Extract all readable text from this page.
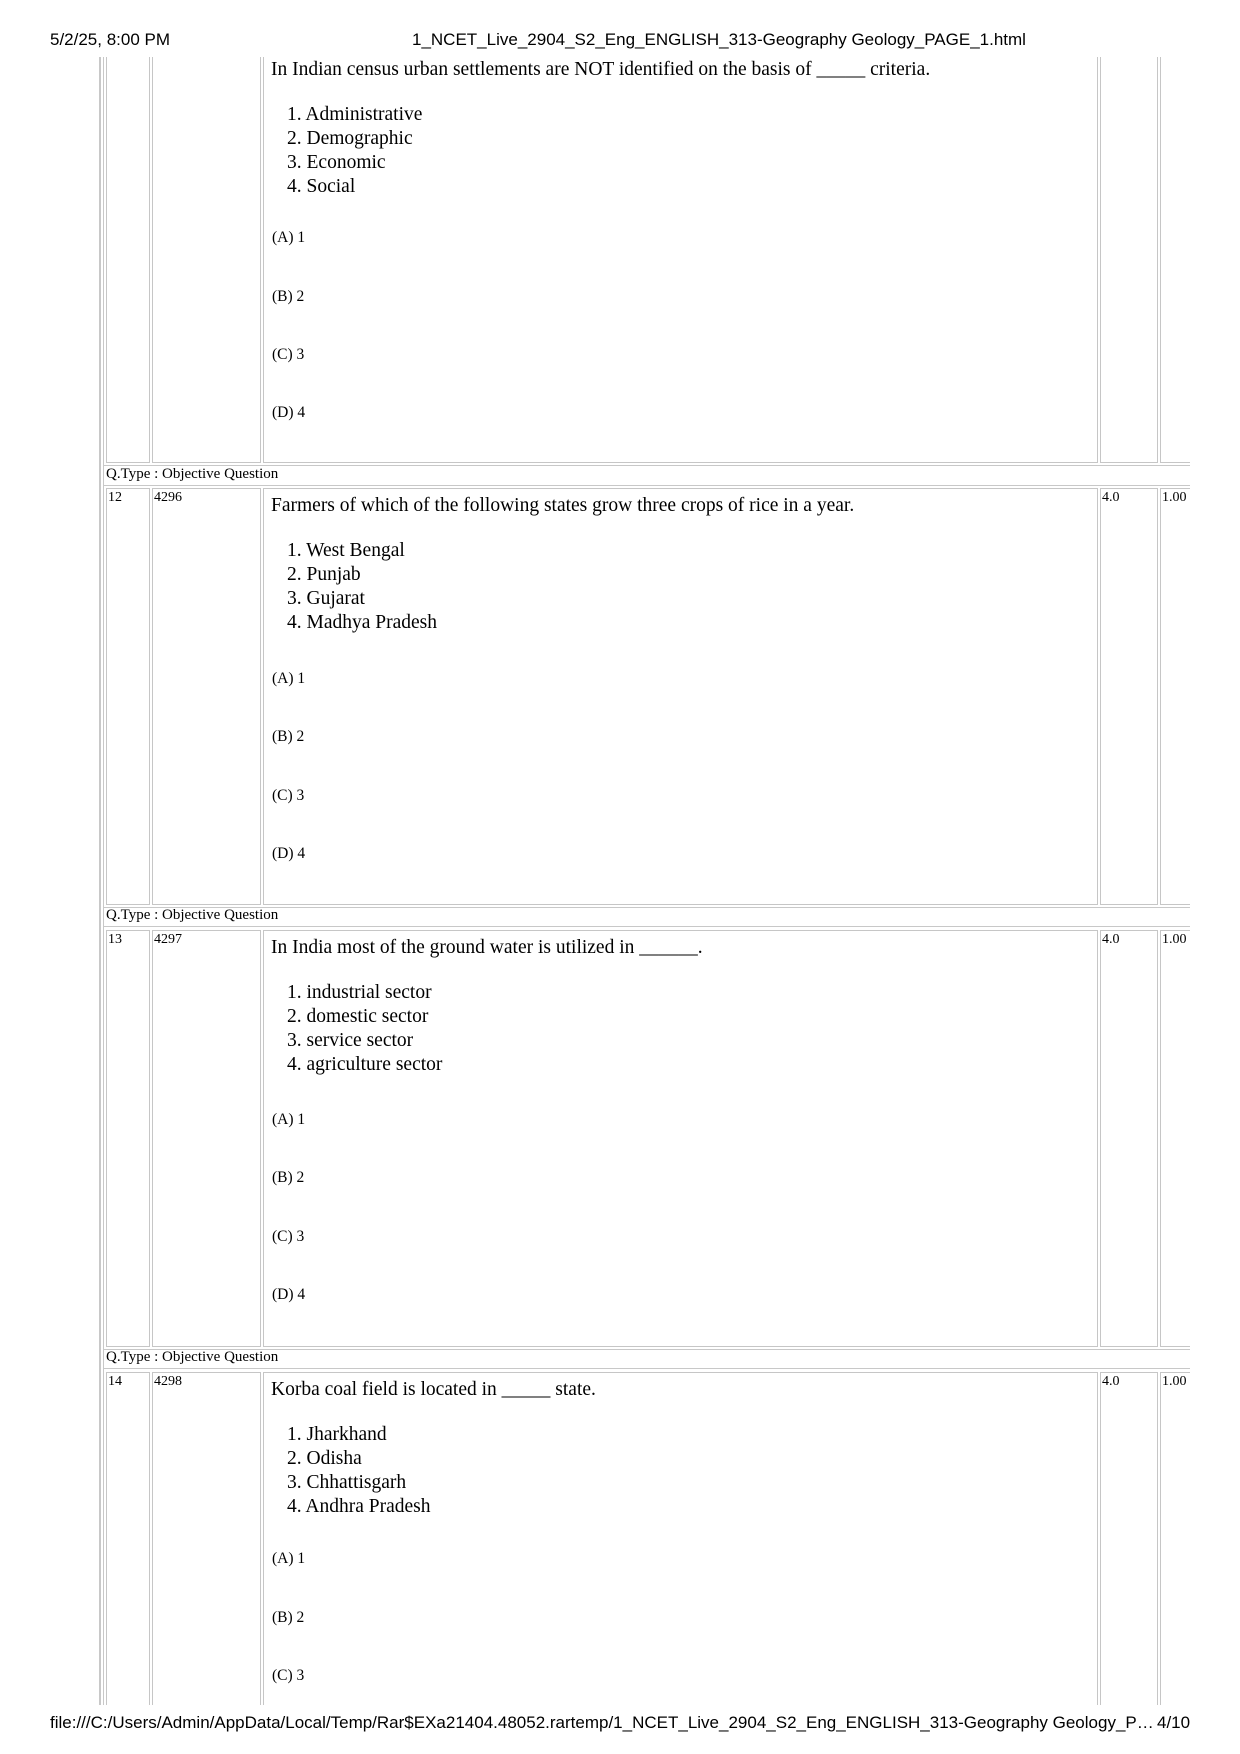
5/2/25, 8:00 PM	1_NCET_Live_2904_S2_Eng_ENGLISH_313-Geography Geology_PAGE_1.html
In Indian census urban settlements are NOT identified on the basis of _____ criteria.
1. Administrative
2. Demographic
3. Economic
4. Social
(A) 1
(B) 2
(C) 3
(D) 4
Q.Type : Objective Question
12 4296	Farmers of which of the following states grow three crops of rice in a year.
1. West Bengal
2. Punjab
3. Gujarat
4. Madhya Pradesh
(A) 1
(B) 2
(C) 3
(D) 4
4.0	1.00
Q.Type : Objective Question
13 4297	In India most of the ground water is utilized in ______.
1. industrial sector
2. domestic sector
3. service sector
4. agriculture sector
(A) 1
(B) 2
(C) 3
(D) 4
4.0	1.00
Q.Type : Objective Question
14 4298	Korba coal field is located in _____ state.
1. Jharkhand
2. Odisha
3. Chhattisgarh
4. Andhra Pradesh
(A) 1
(B) 2
(C) 3
4.0	1.00
file:///C:/Users/Admin/AppData/Local/Temp/Rar$EXa21404.48052.rartemp/1_NCET_Live_2904_S2_Eng_ENGLISH_313-Geography Geology_P… 4/10
